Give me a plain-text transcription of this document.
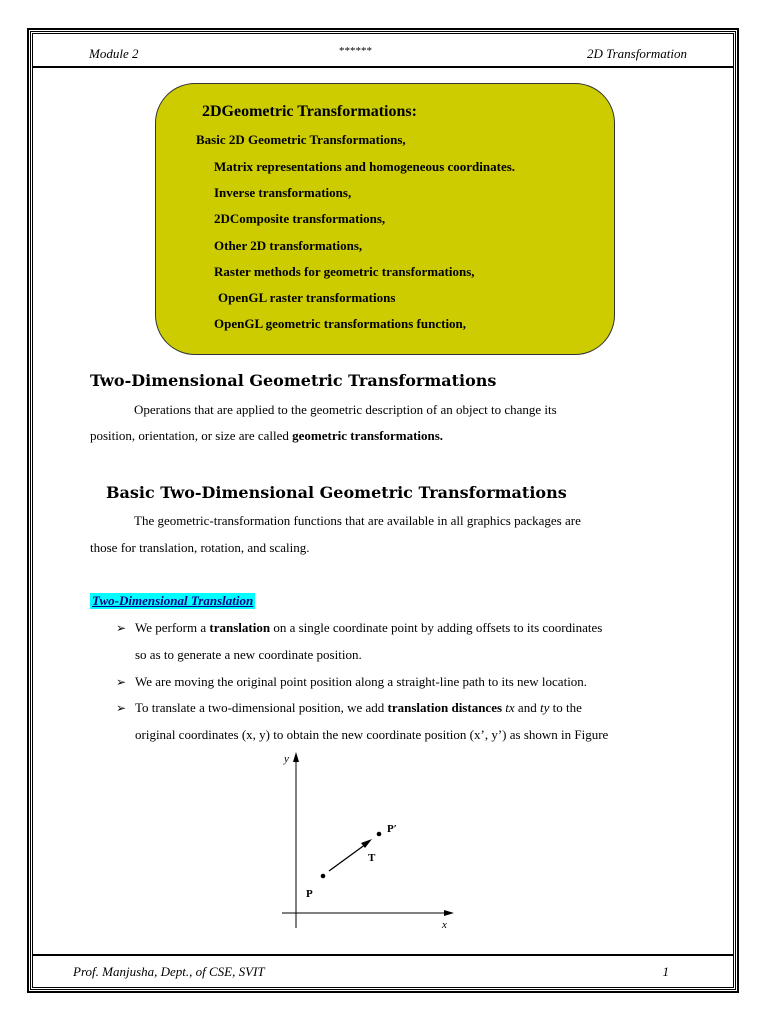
Module 2	******	2D Transformation
2DGeometric Transformations:
Basic 2D Geometric Transformations,
Matrix representations and homogeneous coordinates.
Inverse transformations,
2DComposite transformations,
Other 2D transformations,
Raster methods for geometric transformations,
OpenGL raster transformations
OpenGL geometric transformations function,
Two-Dimensional Geometric Transformations
Operations that are applied to the geometric description of an object to change its
position, orientation, or size are called geometric transformations.
Basic Two-Dimensional Geometric Transformations
The geometric-transformation functions that are available in all graphics packages are
those for translation, rotation, and scaling.
Two-Dimensional Translation
➢ We perform a translation on a single coordinate point by adding offsets to its coordinates
so as to generate a new coordinate position.
➢ We are moving the original point position along a straight-line path to its new location.
➢ To translate a two-dimensional position, we add translation distances tx and ty to the
original coordinates (x, y) to obtain the new coordinate position (x’, y’) as shown in Figure
y
x
P
P′
T
Prof. Manjusha, Dept., of CSE, SVIT	1
